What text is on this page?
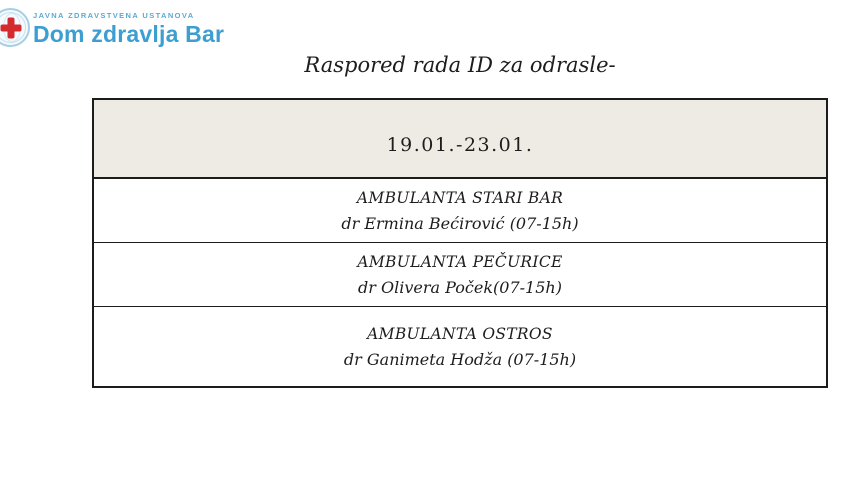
JAVNA ZDRAVSTVENA USTANOVA
Dom zdravlja Bar
Raspored rada ID za odrasle-
19.01.-23.01.
AMBULANTA STARI BAR
dr Ermina Bećirović (07-15h)
AMBULANTA PEČURICE
dr Olivera Poček(07-15h)
AMBULANTA OSTROS
dr Ganimeta Hodža (07-15h)
